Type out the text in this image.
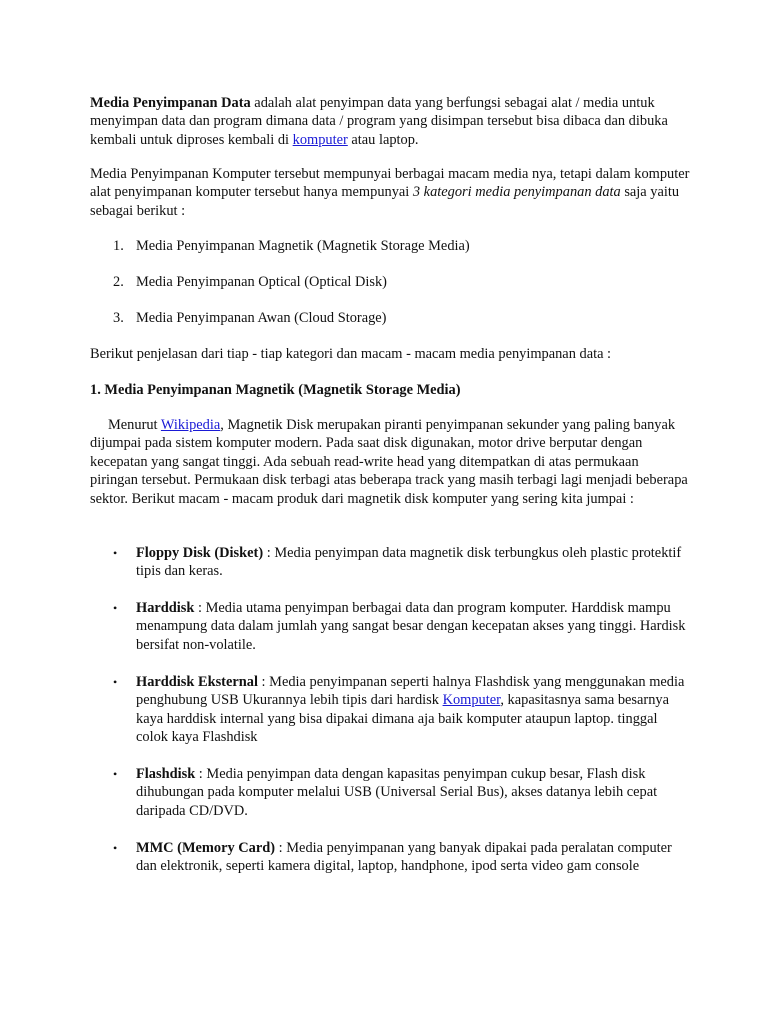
Media Penyimpanan Data adalah alat penyimpan data yang berfungsi sebagai alat / media untuk menyimpan data dan program dimana data / program yang disimpan tersebut bisa dibaca dan dibuka kembali untuk diproses kembali di komputer atau laptop.

Media Penyimpanan Komputer tersebut mempunyai berbagai macam media nya, tetapi dalam komputer alat penyimpanan komputer tersebut hanya mempunyai 3 kategori media penyimpanan data saja yaitu sebagai berikut :

1. Media Penyimpanan Magnetik (Magnetik Storage Media)
2. Media Penyimpanan Optical (Optical Disk)
3. Media Penyimpanan Awan (Cloud Storage)

Berikut penjelasan dari tiap - tiap kategori dan macam - macam media penyimpanan data :

1. Media Penyimpanan Magnetik (Magnetik Storage Media)

Menurut Wikipedia, Magnetik Disk merupakan piranti penyimpanan sekunder yang paling banyak dijumpai pada sistem komputer modern. Pada saat disk digunakan, motor drive berputar dengan kecepatan yang sangat tinggi. Ada sebuah read-write head yang ditempatkan di atas permukaan piringan tersebut. Permukaan disk terbagi atas beberapa track yang masih terbagi lagi menjadi beberapa sektor. Berikut macam - macam produk dari magnetik disk komputer yang sering kita jumpai :

• Floppy Disk (Disket) : Media penyimpan data magnetik disk terbungkus oleh plastic protektif tipis dan keras.
• Harddisk : Media utama penyimpan berbagai data dan program komputer. Harddisk mampu menampung data dalam jumlah yang sangat besar dengan kecepatan akses yang tinggi. Hardisk bersifat non-volatile.
• Harddisk Eksternal : Media penyimpanan seperti halnya Flashdisk yang menggunakan media penghubung USB Ukurannya lebih tipis dari hardisk Komputer, kapasitasnya sama besarnya kaya harddisk internal yang bisa dipakai dimana aja baik komputer ataupun laptop. tinggal colok kaya Flashdisk
• Flashdisk : Media penyimpan data dengan kapasitas penyimpan cukup besar, Flash disk dihubungan pada komputer melalui USB (Universal Serial Bus), akses datanya lebih cepat daripada CD/DVD.
• MMC (Memory Card) : Media penyimpanan yang banyak dipakai pada peralatan computer dan elektronik, seperti kamera digital, laptop, handphone, ipod serta video gam console
